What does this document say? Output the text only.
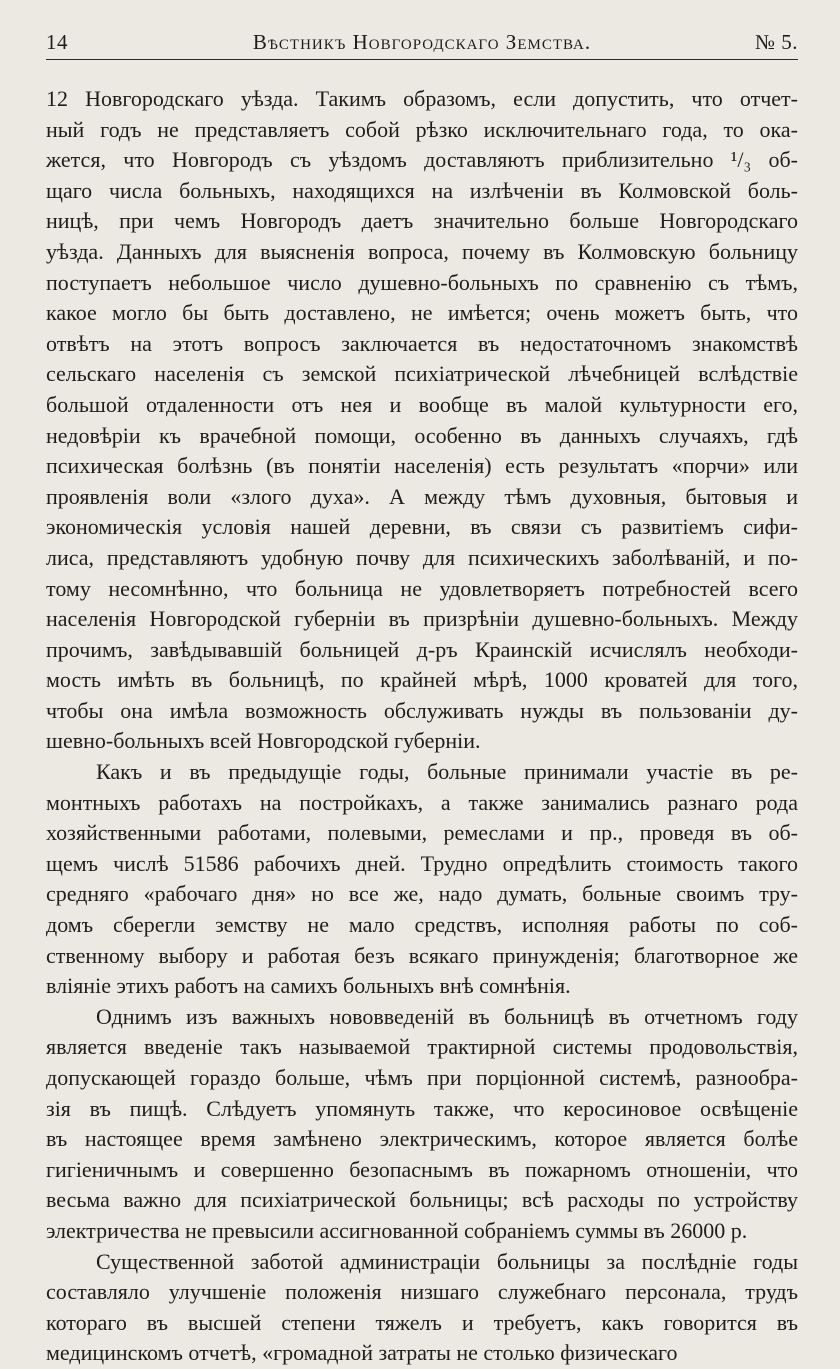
14	Вѣстникъ Новгородскаго Земства.	№ 5.
12 Новгородскаго уѣзда. Такимъ образомъ, если допустить, что отчет-
ный годъ не представляетъ собой рѣзко исключительнаго года, то ока-
жется, что Новгородъ съ уѣздомъ доставляютъ приблизительно ¹/₃ об-
щаго числа больныхъ, находящихся на излѣченіи въ Колмовской боль-
ницѣ, при чемъ Новгородъ даетъ значительно больше Новгородскаго
уѣзда. Данныхъ для выясненія вопроса, почему въ Колмовскую больницу
поступаетъ небольшое число душевно-больныхъ по сравненію съ тѣмъ,
какое могло бы быть доставлено, не имѣется; очень можетъ быть, что
отвѣтъ на этотъ вопросъ заключается въ недостаточномъ знакомствѣ
сельскаго населенія съ земской психіатрической лѣчебницей вслѣдствіе
большой отдаленности отъ нея и вообще въ малой культурности его,
недовѣріи къ врачебной помощи, особенно въ данныхъ случаяхъ, гдѣ
психическая болѣзнь (въ понятіи населенія) есть результатъ «порчи» или
проявленія воли «злого духа». А между тѣмъ духовныя, бытовыя и
экономическія условія нашей деревни, въ связи съ развитіемъ сифи-
лиса, представляютъ удобную почву для психическихъ заболѣваній, и по-
тому несомнѣнно, что больница не удовлетворяетъ потребностей всего
населенія Новгородской губерніи въ призрѣніи душевно-больныхъ. Между
прочимъ, завѣдывавшій больницей д-ръ Краинскій исчислялъ необходи-
мость имѣть въ больницѣ, по крайней мѣрѣ, 1000 кроватей для того,
чтобы она имѣла возможность обслуживать нужды въ пользованіи ду-
шевно-больныхъ всей Новгородской губерніи.
Какъ и въ предыдущіе годы, больные принимали участіе въ ре-
монтныхъ работахъ на постройкахъ, а также занимались разнаго рода
хозяйственными работами, полевыми, ремеслами и пр., проведя въ об-
щемъ числѣ 51586 рабочихъ дней. Трудно опредѣлить стоимость такого
средняго «рабочаго дня» но все же, надо думать, больные своимъ тру-
домъ сберегли земству не мало средствъ, исполняя работы по соб-
ственному выбору и работая безъ всякаго принужденія; благотворное же
вліяніе этихъ работъ на самихъ больныхъ внѣ сомнѣнія.
Однимъ изъ важныхъ нововведеній въ больницѣ въ отчетномъ году
является введеніе такъ называемой трактирной системы продовольствія,
допускающей гораздо больше, чѣмъ при порціонной системѣ, разнообра-
зія въ пищѣ. Слѣдуетъ упомянуть также, что керосиновое освѣщеніе
въ настоящее время замѣнено электрическимъ, которое является болѣе
гигіеничнымъ и совершенно безопаснымъ въ пожарномъ отношеніи, что
весьма важно для психіатрической больницы; всѣ расходы по устройству
электричества не превысили ассигнованной собраніемъ суммы въ 26000 р.
Существенной заботой администраціи больницы за послѣдніе годы
составляло улучшеніе положенія низшаго служебнаго персонала, трудъ
котораго въ высшей степени тяжелъ и требуетъ, какъ говорится въ
медицинскомъ отчетѣ, «громадной затраты не столько физическаго
